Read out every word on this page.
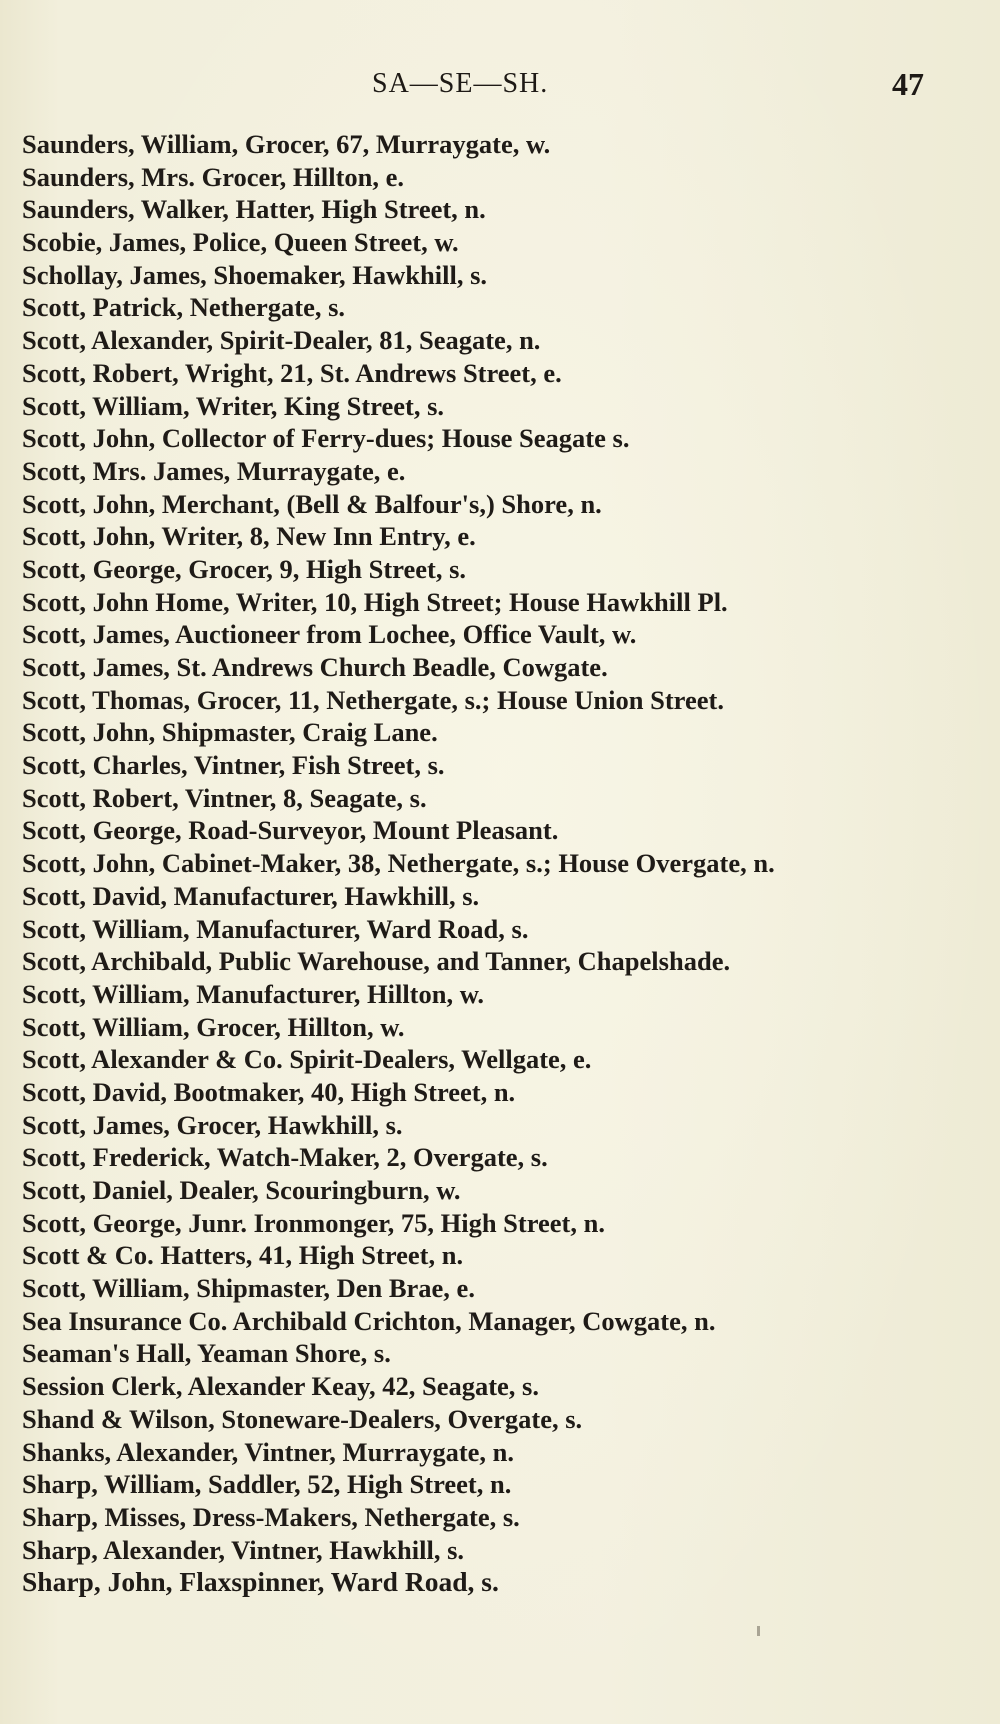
SA—SE—SH.	47
Saunders, William, Grocer, 67, Murraygate, w.
Saunders, Mrs. Grocer, Hillton, e.
Saunders, Walker, Hatter, High Street, n.
Scobie, James, Police, Queen Street, w.
Schollay, James, Shoemaker, Hawkhill, s.
Scott, Patrick, Nethergate, s.
Scott, Alexander, Spirit-Dealer, 81, Seagate, n.
Scott, Robert, Wright, 21, St. Andrews Street, e.
Scott, William, Writer, King Street, s.
Scott, John, Collector of Ferry-dues; House Seagate s.
Scott, Mrs. James, Murraygate, e.
Scott, John, Merchant, (Bell & Balfour's,) Shore, n.
Scott, John, Writer, 8, New Inn Entry, e.
Scott, George, Grocer, 9, High Street, s.
Scott, John Home, Writer, 10, High Street; House Hawkhill Pl.
Scott, James, Auctioneer from Lochee, Office Vault, w.
Scott, James, St. Andrews Church Beadle, Cowgate.
Scott, Thomas, Grocer, 11, Nethergate, s.; House Union Street.
Scott, John, Shipmaster, Craig Lane.
Scott, Charles, Vintner, Fish Street, s.
Scott, Robert, Vintner, 8, Seagate, s.
Scott, George, Road-Surveyor, Mount Pleasant.
Scott, John, Cabinet-Maker, 38, Nethergate, s.; House Overgate, n.
Scott, David, Manufacturer, Hawkhill, s.
Scott, William, Manufacturer, Ward Road, s.
Scott, Archibald, Public Warehouse, and Tanner, Chapelshade.
Scott, William, Manufacturer, Hillton, w.
Scott, William, Grocer, Hillton, w.
Scott, Alexander & Co. Spirit-Dealers, Wellgate, e.
Scott, David, Bootmaker, 40, High Street, n.
Scott, James, Grocer, Hawkhill, s.
Scott, Frederick, Watch-Maker, 2, Overgate, s.
Scott, Daniel, Dealer, Scouringburn, w.
Scott, George, Junr. Ironmonger, 75, High Street, n.
Scott & Co. Hatters, 41, High Street, n.
Scott, William, Shipmaster, Den Brae, e.
Sea Insurance Co. Archibald Crichton, Manager, Cowgate, n.
Seaman's Hall, Yeaman Shore, s.
Session Clerk, Alexander Keay, 42, Seagate, s.
Shand & Wilson, Stoneware-Dealers, Overgate, s.
Shanks, Alexander, Vintner, Murraygate, n.
Sharp, William, Saddler, 52, High Street, n.
Sharp, Misses, Dress-Makers, Nethergate, s.
Sharp, Alexander, Vintner, Hawkhill, s.
Sharp, John, Flaxspinner, Ward Road, s.
